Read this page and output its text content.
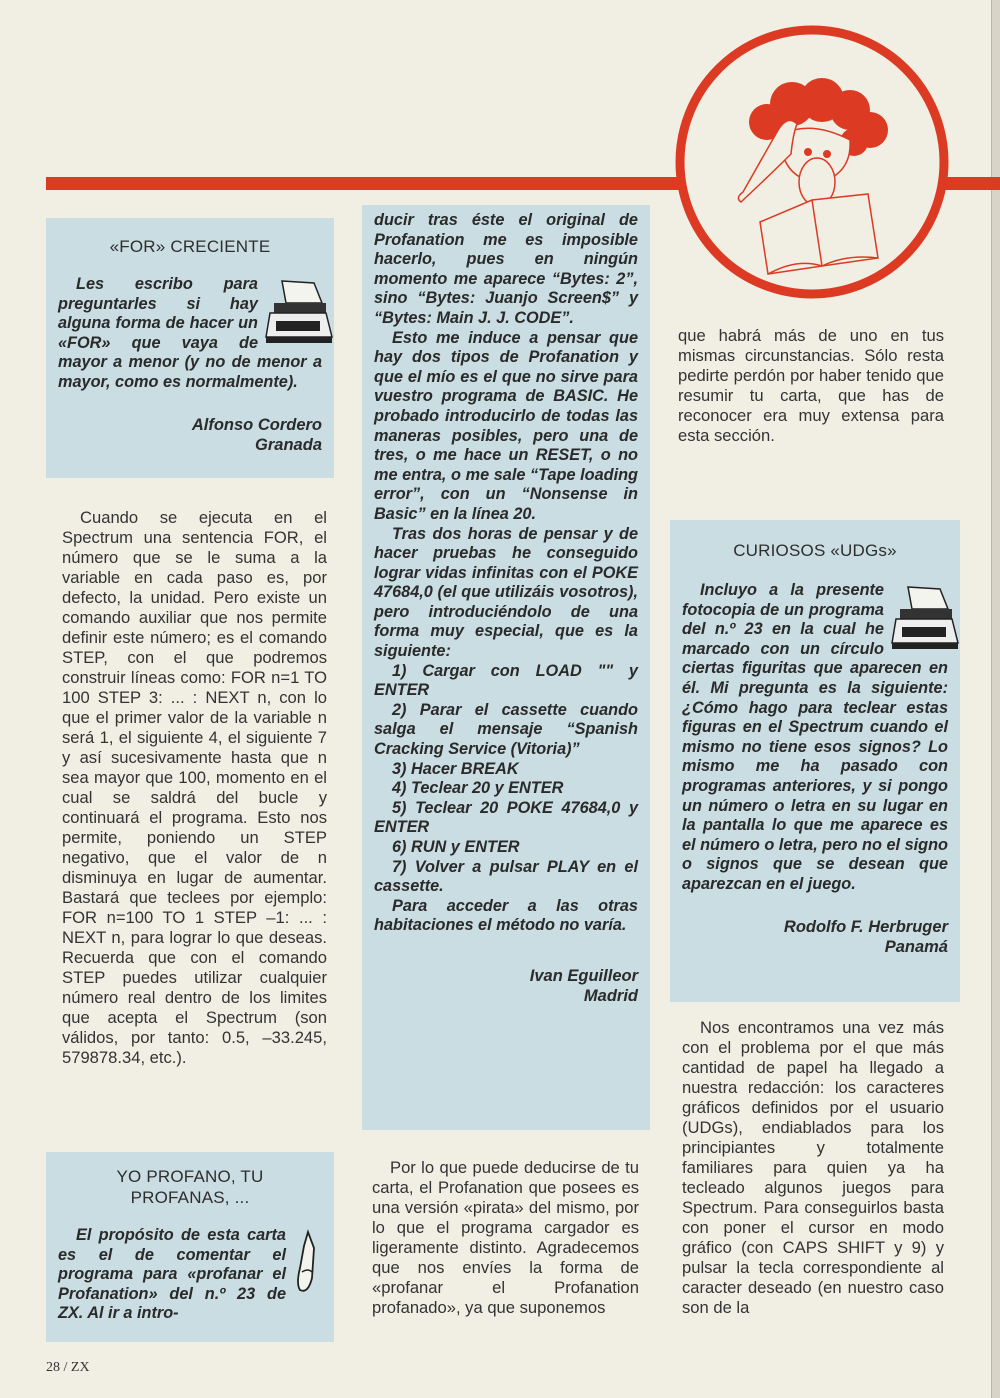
«FOR» CRECIENTE

Les escribo para preguntarles si hay alguna forma de hacer un «FOR» que vaya de mayor a menor (y no de menor a mayor, como es normalmente).

Alfonso Cordero
Granada

Cuando se ejecuta en el Spectrum una sentencia FOR, el número que se le suma a la variable en cada paso es, por defecto, la unidad. Pero existe un comando auxiliar que nos permite definir este número; es el comando STEP, con el que podremos construir líneas como: FOR n=1 TO 100 STEP 3: ... : NEXT n, con lo que el primer valor de la variable n será 1, el siguiente 4, el siguiente 7 y así sucesivamente hasta que n sea mayor que 100, momento en el cual se saldrá del bucle y continuará el programa. Esto nos permite, poniendo un STEP negativo, que el valor de n disminuya en lugar de aumentar. Bastará que teclees por ejemplo: FOR n=100 TO 1 STEP –1: ... : NEXT n, para lograr lo que deseas. Recuerda que con el comando STEP puedes utilizar cualquier número real dentro de los limites que acepta el Spectrum (son válidos, por tanto: 0.5, –33.245, 579878.34, etc.).

YO PROFANO, TU
PROFANAS, ...

El propósito de esta carta es el de comentar el programa para «profanar el Profanation» del n.º 23 de ZX. Al ir a intro-

ducir tras éste el original de Profanation me es imposible hacerlo, pues en ningún momento me aparece “Bytes: 2”, sino “Bytes: Juanjo Screen$” y “Bytes: Main J. J. CODE”.

Esto me induce a pensar que hay dos tipos de Profanation y que el mío es el que no sirve para vuestro programa de BASIC. He probado introducirlo de todas las maneras posibles, pero una de tres, o me hace un RESET, o no me entra, o me sale “Tape loading error”, con un “Nonsense in Basic” en la línea 20.

Tras dos horas de pensar y de hacer pruebas he conseguido lograr vidas infinitas con el POKE 47684,0 (el que utilizáis vosotros), pero introduciéndolo de una forma muy especial, que es la siguiente:

1) Cargar con LOAD "" y ENTER

2) Parar el cassette cuando salga el mensaje “Spanish Cracking Service (Vitoria)”

3) Hacer BREAK

4) Teclear 20 y ENTER

5) Teclear 20 POKE 47684,0 y ENTER

6) RUN y ENTER

7) Volver a pulsar PLAY en el cassette.

Para acceder a las otras habitaciones el método no varía.

Ivan Eguilleor
Madrid

Por lo que puede deducirse de tu carta, el Profanation que posees es una versión «pirata» del mismo, por lo que el programa cargador es ligeramente distinto. Agradecemos que nos envíes la forma de «profanar el Profanation profanado», ya que suponemos

que habrá más de uno en tus mismas circunstancias. Sólo resta pedirte perdón por haber tenido que resumir tu carta, que has de reconocer era muy extensa para esta sección.

CURIOSOS «UDGs»

Incluyo a la presente fotocopia de un programa del n.º 23 en la cual he marcado con un círculo ciertas figuritas que aparecen en él. Mi pregunta es la siguiente: ¿Cómo hago para teclear estas figuras en el Spectrum cuando el mismo no tiene esos signos? Lo mismo me ha pasado con programas anteriores, y si pongo un número o letra en su lugar en la pantalla lo que me aparece es el número o letra, pero no el signo o signos que se desean que aparezcan en el juego.

Rodolfo F. Herbruger
Panamá

Nos encontramos una vez más con el problema por el que más cantidad de papel ha llegado a nuestra redacción: los caracteres gráficos definidos por el usuario (UDGs), endiablados para los principiantes y totalmente familiares para quien ya ha tecleado algunos juegos para Spectrum. Para conseguirlos basta con poner el cursor en modo gráfico (con CAPS SHIFT y 9) y pulsar la tecla correspondiente al caracter deseado (en nuestro caso son de la

28 / ZX
